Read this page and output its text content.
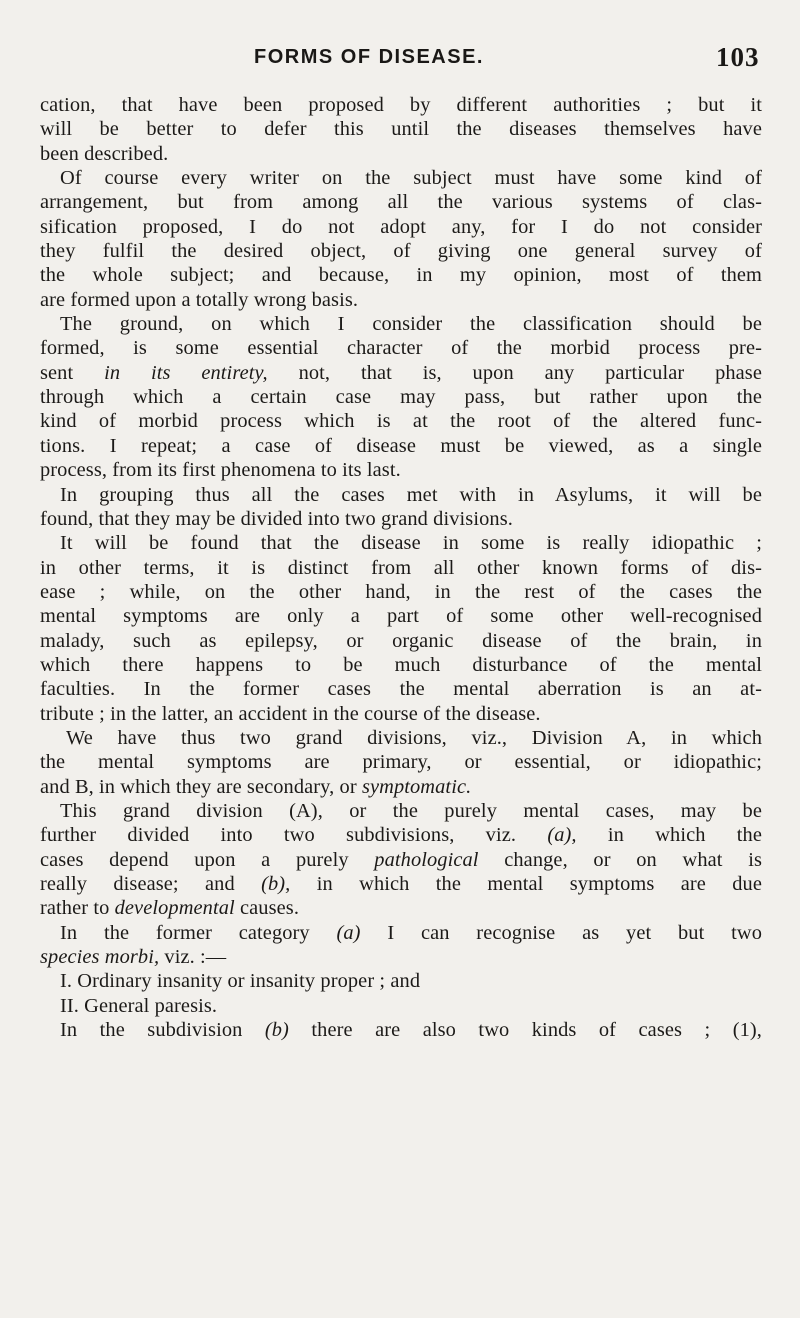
FORMS OF DISEASE.	103
cation, that have been proposed by different authorities ; but it
will be better to defer this until the diseases themselves have
been described.
Of course every writer on the subject must have some kind of
arrangement, but from among all the various systems of clas-
sification proposed, I do not adopt any, for I do not consider
they fulfil the desired object, of giving one general survey of
the whole subject; and because, in my opinion, most of them
are formed upon a totally wrong basis.
The ground, on which I consider the classification should be
formed, is some essential character of the morbid process pre-
sent in its entirety, not, that is, upon any particular phase
through which a certain case may pass, but rather upon the
kind of morbid process which is at the root of the altered func-
tions. I repeat; a case of disease must be viewed, as a single
process, from its first phenomena to its last.
In grouping thus all the cases met with in Asylums, it will be
found, that they may be divided into two grand divisions.
It will be found that the disease in some is really idiopathic ;
in other terms, it is distinct from all other known forms of dis-
ease ; while, on the other hand, in the rest of the cases the
mental symptoms are only a part of some other well-recognised
malady, such as epilepsy, or organic disease of the brain, in
which there happens to be much disturbance of the mental
faculties. In the former cases the mental aberration is an at-
tribute ; in the latter, an accident in the course of the disease.
We have thus two grand divisions, viz., Division A, in which
the mental symptoms are primary, or essential, or idiopathic;
and B, in which they are secondary, or symptomatic.
This grand division (A), or the purely mental cases, may be
further divided into two subdivisions, viz. (a), in which the
cases depend upon a purely pathological change, or on what is
really disease; and (b), in which the mental symptoms are due
rather to developmental causes.
In the former category (a) I can recognise as yet but two
species morbi, viz. :—
I. Ordinary insanity or insanity proper ; and
II. General paresis.
In the subdivision (b) there are also two kinds of cases ; (1),
